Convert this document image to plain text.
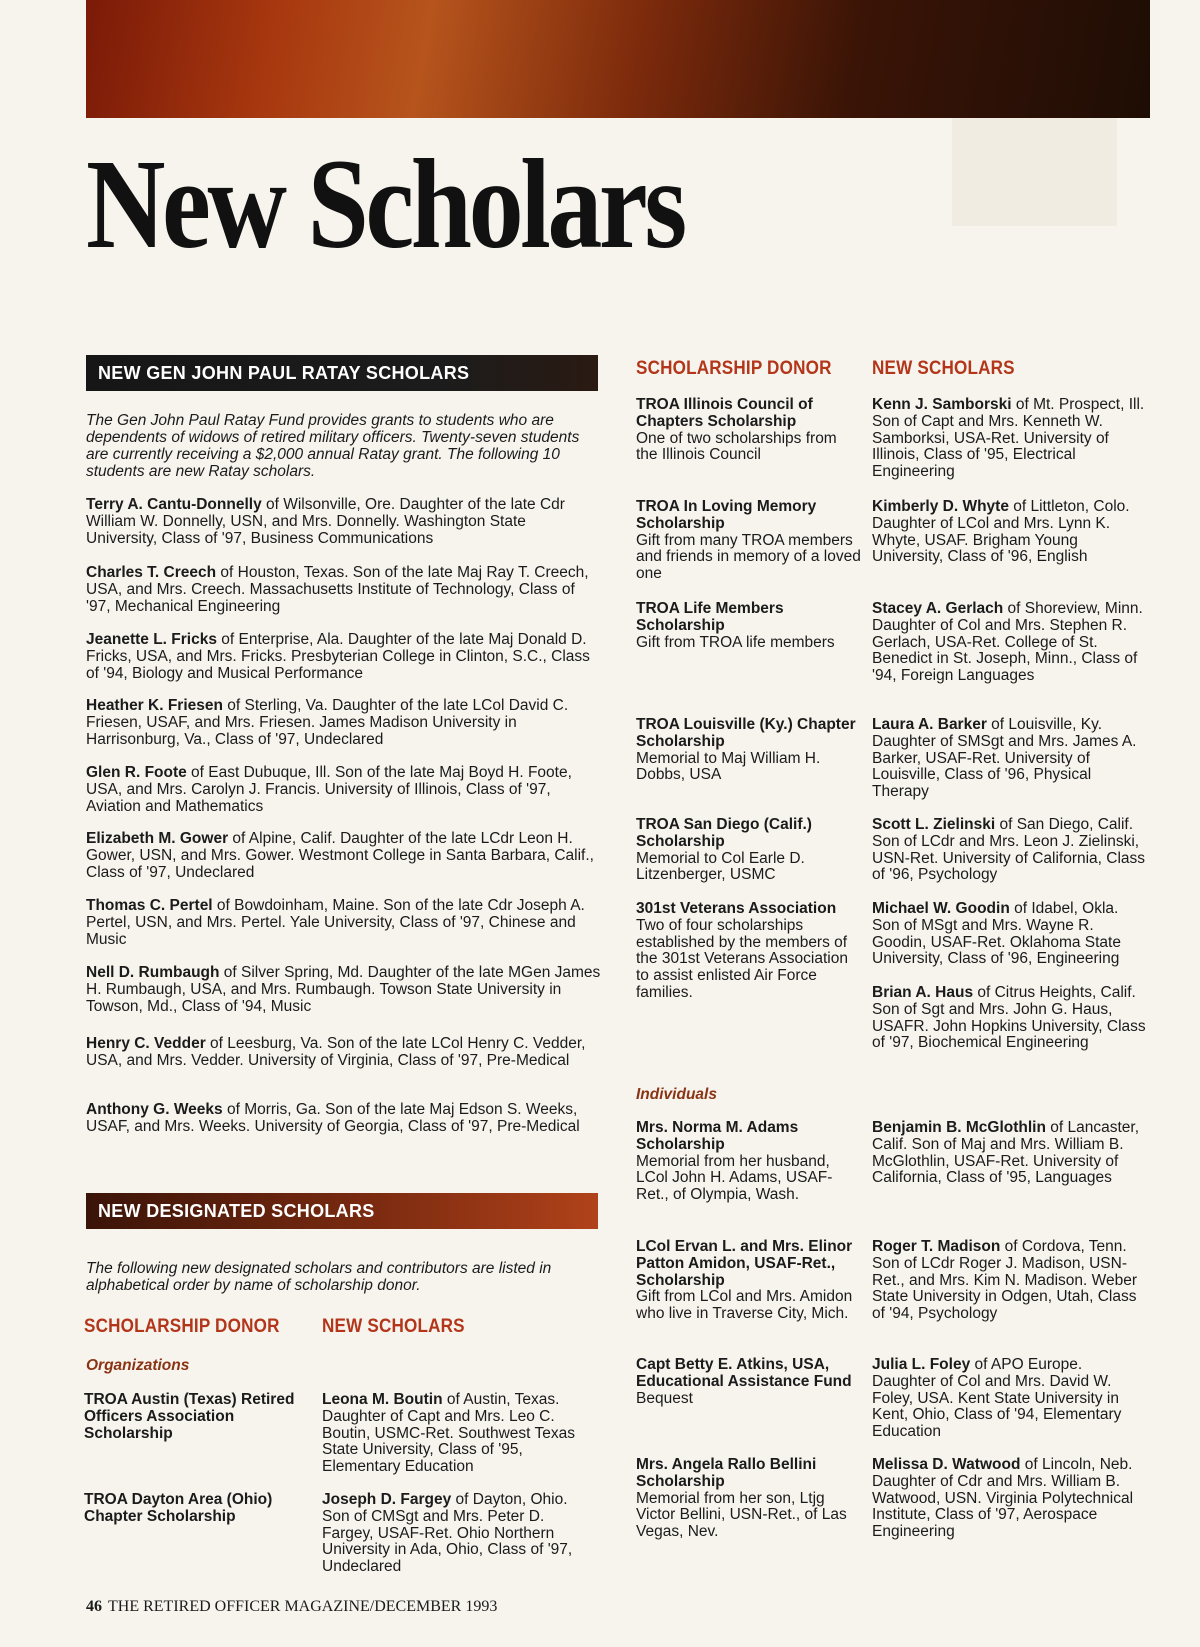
New Scholars
NEW GEN JOHN PAUL RATAY SCHOLARS

The Gen John Paul Ratay Fund provides grants to students who are dependents of widows of retired military officers. Twenty-seven students are currently receiving a $2,000 annual Ratay grant. The following 10 students are new Ratay scholars.

Terry A. Cantu-Donnelly of Wilsonville, Ore. Daughter of the late Cdr William W. Donnelly, USN, and Mrs. Donnelly. Washington State University, Class of '97, Business Communications

Charles T. Creech of Houston, Texas. Son of the late Maj Ray T. Creech, USA, and Mrs. Creech. Massachusetts Institute of Technology, Class of '97, Mechanical Engineering

Jeanette L. Fricks of Enterprise, Ala. Daughter of the late Maj Donald D. Fricks, USA, and Mrs. Fricks. Presbyterian College in Clinton, S.C., Class of '94, Biology and Musical Performance

Heather K. Friesen of Sterling, Va. Daughter of the late LCol David C. Friesen, USAF, and Mrs. Friesen. James Madison University in Harrisonburg, Va., Class of '97, Undeclared

Glen R. Foote of East Dubuque, Ill. Son of the late Maj Boyd H. Foote, USA, and Mrs. Carolyn J. Francis. University of Illinois, Class of '97, Aviation and Mathematics

Elizabeth M. Gower of Alpine, Calif. Daughter of the late LCdr Leon H. Gower, USN, and Mrs. Gower. Westmont College in Santa Barbara, Calif., Class of '97, Undeclared

Thomas C. Pertel of Bowdoinham, Maine. Son of the late Cdr Joseph A. Pertel, USN, and Mrs. Pertel. Yale University, Class of '97, Chinese and Music

Nell D. Rumbaugh of Silver Spring, Md. Daughter of the late MGen James H. Rumbaugh, USA, and Mrs. Rumbaugh. Towson State University in Towson, Md., Class of '94, Music

Henry C. Vedder of Leesburg, Va. Son of the late LCol Henry C. Vedder, USA, and Mrs. Vedder. University of Virginia, Class of '97, Pre-Medical

Anthony G. Weeks of Morris, Ga. Son of the late Maj Edson S. Weeks, USAF, and Mrs. Weeks. University of Georgia, Class of '97, Pre-Medical

NEW DESIGNATED SCHOLARS

The following new designated scholars and contributors are listed in alphabetical order by name of scholarship donor.

SCHOLARSHIP DONOR NEW SCHOLARS

Organizations

TROA Austin (Texas) Retired Officers Association Scholarship

Leona M. Boutin of Austin, Texas. Daughter of Capt and Mrs. Leo C. Boutin, USMC-Ret. Southwest Texas State University, Class of '95, Elementary Education

TROA Dayton Area (Ohio) Chapter Scholarship

Joseph D. Fargey of Dayton, Ohio. Son of CMSgt and Mrs. Peter D. Fargey, USAF-Ret. Ohio Northern University in Ada, Ohio, Class of '97, Undeclared

SCHOLARSHIP DONOR NEW SCHOLARS

TROA Illinois Council of Chapters Scholarship
One of two scholarships from the Illinois Council

Kenn J. Samborski of Mt. Prospect, Ill. Son of Capt and Mrs. Kenneth W. Samborksi, USA-Ret. University of Illinois, Class of '95, Electrical Engineering

TROA In Loving Memory Scholarship
Gift from many TROA members and friends in memory of a loved one

Kimberly D. Whyte of Littleton, Colo. Daughter of LCol and Mrs. Lynn K. Whyte, USAF. Brigham Young University, Class of '96, English

TROA Life Members Scholarship
Gift from TROA life members

Stacey A. Gerlach of Shoreview, Minn. Daughter of Col and Mrs. Stephen R. Gerlach, USA-Ret. College of St. Benedict in St. Joseph, Minn., Class of '94, Foreign Languages

TROA Louisville (Ky.) Chapter Scholarship
Memorial to Maj William H. Dobbs, USA

Laura A. Barker of Louisville, Ky. Daughter of SMSgt and Mrs. James A. Barker, USAF-Ret. University of Louisville, Class of '96, Physical Therapy

TROA San Diego (Calif.) Scholarship
Memorial to Col Earle D. Litzenberger, USMC

Scott L. Zielinski of San Diego, Calif. Son of LCdr and Mrs. Leon J. Zielinski, USN-Ret. University of California, Class of '96, Psychology

301st Veterans Association
Two of four scholarships established by the members of the 301st Veterans Association to assist enlisted Air Force families.

Michael W. Goodin of Idabel, Okla. Son of MSgt and Mrs. Wayne R. Goodin, USAF-Ret. Oklahoma State University, Class of '96, Engineering

Brian A. Haus of Citrus Heights, Calif. Son of Sgt and Mrs. John G. Haus, USAFR. John Hopkins University, Class of '97, Biochemical Engineering

Individuals

Mrs. Norma M. Adams Scholarship
Memorial from her husband, LCol John H. Adams, USAF-Ret., of Olympia, Wash.

Benjamin B. McGlothlin of Lancaster, Calif. Son of Maj and Mrs. William B. McGlothlin, USAF-Ret. University of California, Class of '95, Languages

LCol Ervan L. and Mrs. Elinor Patton Amidon, USAF-Ret., Scholarship
Gift from LCol and Mrs. Amidon who live in Traverse City, Mich.

Roger T. Madison of Cordova, Tenn. Son of LCdr Roger J. Madison, USN-Ret., and Mrs. Kim N. Madison. Weber State University in Odgen, Utah, Class of '94, Psychology

Capt Betty E. Atkins, USA, Educational Assistance Fund
Bequest

Julia L. Foley of APO Europe. Daughter of Col and Mrs. David W. Foley, USA. Kent State University in Kent, Ohio, Class of '94, Elementary Education

Mrs. Angela Rallo Bellini Scholarship
Memorial from her son, Ltjg Victor Bellini, USN-Ret., of Las Vegas, Nev.

Melissa D. Watwood of Lincoln, Neb. Daughter of Cdr and Mrs. William B. Watwood, USN. Virginia Polytechnical Institute, Class of '97, Aerospace Engineering

46 THE RETIRED OFFICER MAGAZINE/DECEMBER 1993
